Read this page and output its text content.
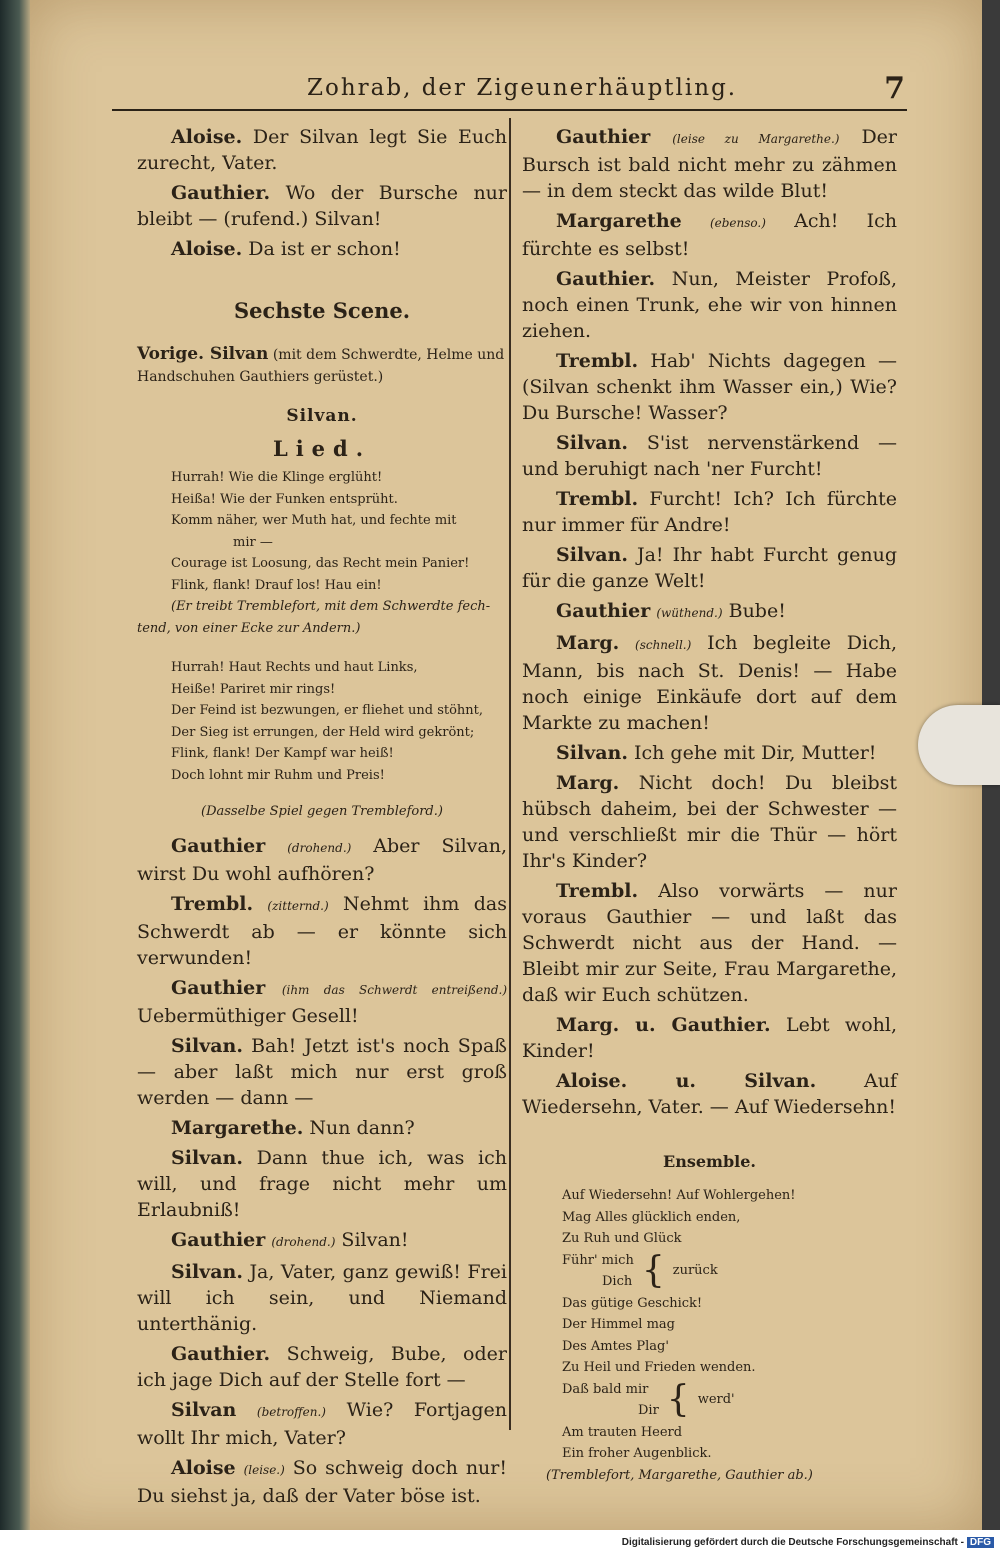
Zohrab, der Zigeunerhäuptling.	7

Aloise. Der Silvan legt Sie Euch zurecht, Vater.

Gauthier. Wo der Bursche nur bleibt — (rufend.) Silvan!

Aloise. Da ist er schon!

Sechste Scene.
Vorige. Silvan (mit dem Schwerdte, Helme und Handschuhen Gauthiers gerüstet.)
Silvan.
Lied.
Hurrah! Wie die Klinge erglüht!
Heißa! Wie der Funken entsprüht.
Komm näher, wer Muth hat, und fechte mit
mir —
Courage ist Loosung, das Recht mein Panier!
Flink, flank! Drauf los! Hau ein!
(Er treibt Tremblefort, mit dem Schwerdte fech-
tend, von einer Ecke zur Andern.)
Hurrah! Haut Rechts und haut Links,
Heiße! Pariret mir rings!
Der Feind ist bezwungen, er fliehet und stöhnt,
Der Sieg ist errungen, der Held wird gekrönt;
Flink, flank! Der Kampf war heiß!
Doch lohnt mir Ruhm und Preis!
(Dasselbe Spiel gegen Trembleford.)

Gauthier (drohend.) Aber Silvan, wirst Du wohl aufhören?

Trembl. (zitternd.) Nehmt ihm das Schwerdt ab — er könnte sich verwunden!

Gauthier (ihm das Schwerdt entreißend.) Uebermüthiger Gesell!

Silvan. Bah! Jetzt ist's noch Spaß — aber laßt mich nur erst groß werden — dann —

Margarethe. Nun dann?

Silvan. Dann thue ich, was ich will, und frage nicht mehr um Erlaubniß!

Gauthier (drohend.) Silvan!

Silvan. Ja, Vater, ganz gewiß! Frei will ich sein, und Niemand unterthänig.

Gauthier. Schweig, Bube, oder ich jage Dich auf der Stelle fort —

Silvan (betroffen.) Wie? Fortjagen wollt Ihr mich, Vater?

Aloise (leise.) So schweig doch nur! Du siehst ja, daß der Vater böse ist.

Gauthier (leise zu Margarethe.) Der Bursch ist bald nicht mehr zu zähmen — in dem steckt das wilde Blut!

Margarethe (ebenso.) Ach! Ich fürchte es selbst!

Gauthier. Nun, Meister Profoß, noch einen Trunk, ehe wir von hinnen ziehen.

Trembl. Hab' Nichts dagegen — (Silvan schenkt ihm Wasser ein,) Wie? Du Bursche! Wasser?

Silvan. S'ist nervenstärkend — und beruhigt nach 'ner Furcht!

Trembl. Furcht! Ich? Ich fürchte nur immer für Andre!

Silvan. Ja! Ihr habt Furcht genug für die ganze Welt!

Gauthier (wüthend.) Bube!

Marg. (schnell.) Ich begleite Dich, Mann, bis nach St. Denis! — Habe noch einige Einkäufe dort auf dem Markte zu machen!

Silvan. Ich gehe mit Dir, Mutter!

Marg. Nicht doch! Du bleibst hübsch daheim, bei der Schwester — und verschließt mir die Thür — hört Ihr's Kinder?

Trembl. Also vorwärts — nur voraus Gauthier — und laßt das Schwerdt nicht aus der Hand. — Bleibt mir zur Seite, Frau Margarethe, daß wir Euch schützen.

Marg. u. Gauthier. Lebt wohl, Kinder!

Aloise. u. Silvan.	Auf Wiedersehn, Vater. — Auf Wiedersehn!

Ensemble.
Auf Wiedersehn! Auf Wohlergehen!
Mag Alles glücklich enden,
Zu Ruh und Glück
Führ' mich
Dich { zurück
Das gütige Geschick!
Der Himmel mag
Des Amtes Plag'
Zu Heil und Frieden wenden.
Daß bald mir
Dir { werd'
Am trauten Heerd
Ein froher Augenblick.
(Tremblefort, Margarethe, Gauthier ab.)
Digitalisierung gefördert durch die Deutsche Forschungsgemeinschaft - DFG
